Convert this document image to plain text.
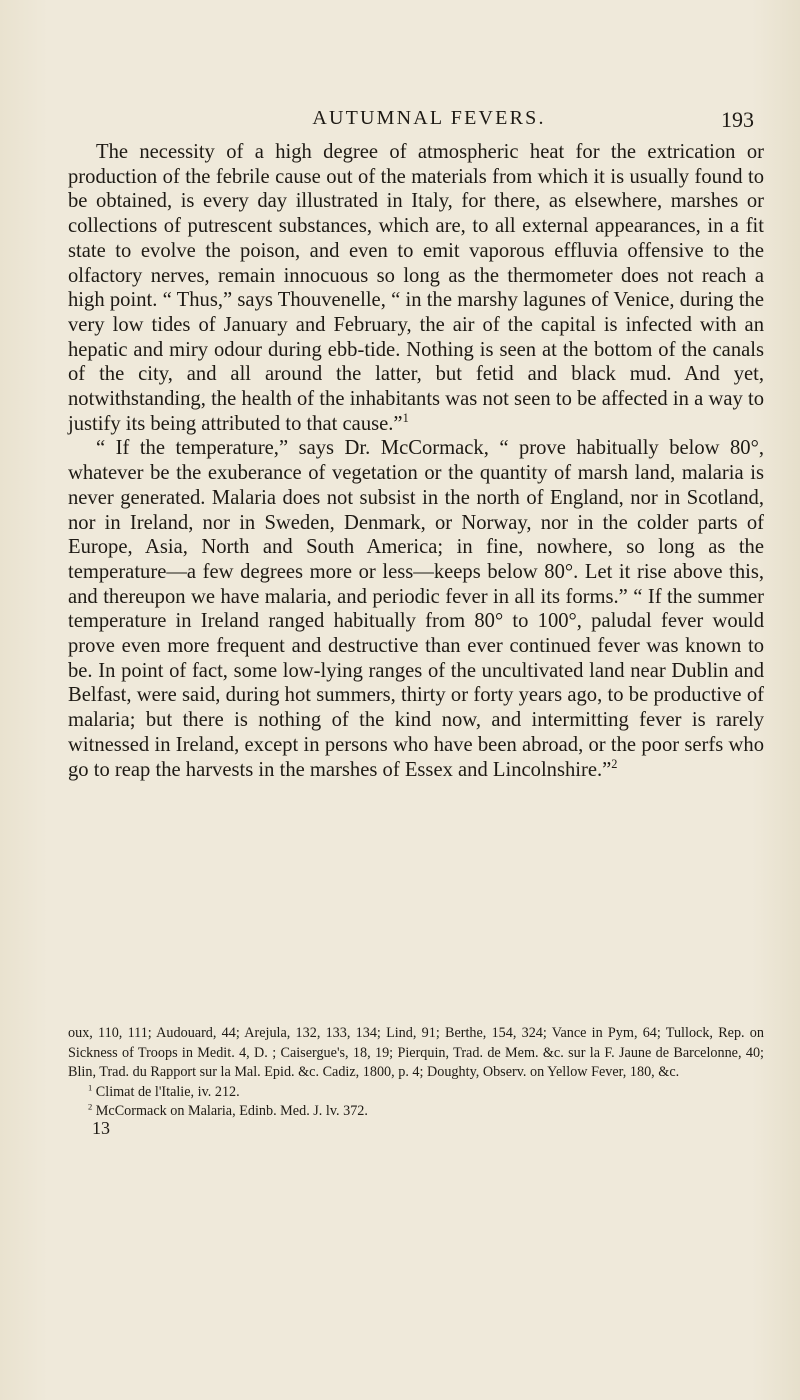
AUTUMNAL FEVERS.	193

The necessity of a high degree of atmospheric heat for the extrication or production of the febrile cause out of the materials from which it is usually found to be obtained, is every day illustrated in Italy, for there, as elsewhere, marshes or collections of putrescent substances, which are, to all external appearances, in a fit state to evolve the poison, and even to emit vaporous effluvia offensive to the olfactory nerves, remain innocuous so long as the thermometer does not reach a high point. “ Thus,” says Thouvenelle, “ in the marshy lagunes of Venice, during the very low tides of January and February, the air of the capital is infected with an hepatic and miry odour during ebb-tide. Nothing is seen at the bottom of the canals of the city, and all around the latter, but fetid and black mud. And yet, notwithstanding, the health of the inhabitants was not seen to be affected in a way to justify its being attributed to that cause.”$^1$

“ If the temperature,” says Dr. McCormack, “ prove habitually below 80°, whatever be the exuberance of vegetation or the quantity of marsh land, malaria is never generated. Malaria does not subsist in the north of England, nor in Scotland, nor in Ireland, nor in Sweden, Denmark, or Norway, nor in the colder parts of Europe, Asia, North and South America; in fine, nowhere, so long as the temperature—a few degrees more or less—keeps below 80°. Let it rise above this, and thereupon we have malaria, and periodic fever in all its forms.” “ If the summer temperature in Ireland ranged habitually from 80° to 100°, paludal fever would prove even more frequent and destructive than ever continued fever was known to be. In point of fact, some low-lying ranges of the uncultivated land near Dublin and Belfast, were said, during hot summers, thirty or forty years ago, to be productive of malaria; but there is nothing of the kind now, and intermitting fever is rarely witnessed in Ireland, except in persons who have been abroad, or the poor serfs who go to reap the harvests in the marshes of Essex and Lincolnshire.”$^2$

oux, 110, 111; Audouard, 44; Arejula, 132, 133, 134; Lind, 91; Berthe, 154, 324; Vance in Pym, 64; Tullock, Rep. on Sickness of Troops in Medit. 4, D. ; Caisergue's, 18, 19; Pierquin, Trad. de Mem. &c. sur la F. Jaune de Barcelonne, 40; Blin, Trad. du Rapport sur la Mal. Epid. &c. Cadiz, 1800, p. 4; Doughty, Observ. on Yellow Fever, 180, &c.

$^1$ Climat de l'Italie, iv. 212.

$^2$ McCormack on Malaria, Edinb. Med. J. lv. 372.

13
